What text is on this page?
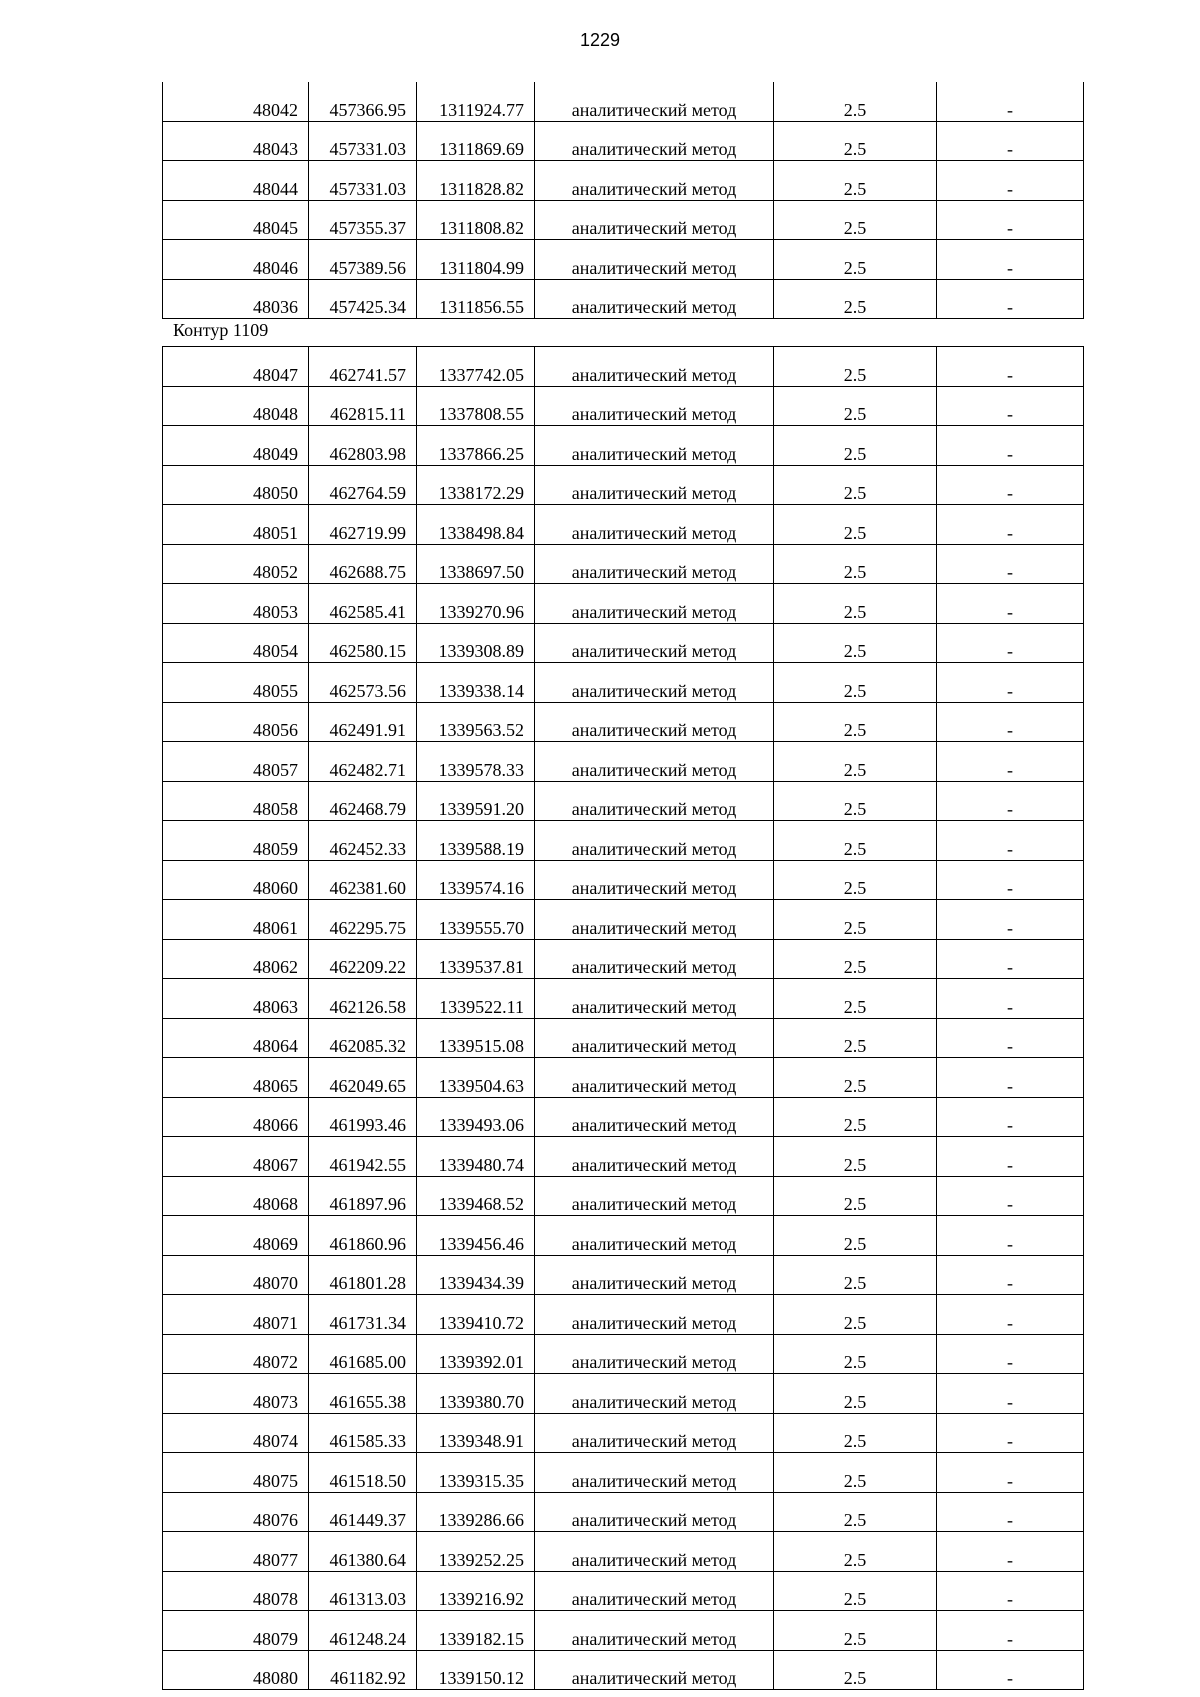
1229
48042	457366.95	1311924.77	аналитический метод	2.5	-
48043	457331.03	1311869.69	аналитический метод	2.5	-
48044	457331.03	1311828.82	аналитический метод	2.5	-
48045	457355.37	1311808.82	аналитический метод	2.5	-
48046	457389.56	1311804.99	аналитический метод	2.5	-
48036	457425.34	1311856.55	аналитический метод	2.5	-
Контур 1109
48047	462741.57	1337742.05	аналитический метод	2.5	-
48048	462815.11	1337808.55	аналитический метод	2.5	-
48049	462803.98	1337866.25	аналитический метод	2.5	-
48050	462764.59	1338172.29	аналитический метод	2.5	-
48051	462719.99	1338498.84	аналитический метод	2.5	-
48052	462688.75	1338697.50	аналитический метод	2.5	-
48053	462585.41	1339270.96	аналитический метод	2.5	-
48054	462580.15	1339308.89	аналитический метод	2.5	-
48055	462573.56	1339338.14	аналитический метод	2.5	-
48056	462491.91	1339563.52	аналитический метод	2.5	-
48057	462482.71	1339578.33	аналитический метод	2.5	-
48058	462468.79	1339591.20	аналитический метод	2.5	-
48059	462452.33	1339588.19	аналитический метод	2.5	-
48060	462381.60	1339574.16	аналитический метод	2.5	-
48061	462295.75	1339555.70	аналитический метод	2.5	-
48062	462209.22	1339537.81	аналитический метод	2.5	-
48063	462126.58	1339522.11	аналитический метод	2.5	-
48064	462085.32	1339515.08	аналитический метод	2.5	-
48065	462049.65	1339504.63	аналитический метод	2.5	-
48066	461993.46	1339493.06	аналитический метод	2.5	-
48067	461942.55	1339480.74	аналитический метод	2.5	-
48068	461897.96	1339468.52	аналитический метод	2.5	-
48069	461860.96	1339456.46	аналитический метод	2.5	-
48070	461801.28	1339434.39	аналитический метод	2.5	-
48071	461731.34	1339410.72	аналитический метод	2.5	-
48072	461685.00	1339392.01	аналитический метод	2.5	-
48073	461655.38	1339380.70	аналитический метод	2.5	-
48074	461585.33	1339348.91	аналитический метод	2.5	-
48075	461518.50	1339315.35	аналитический метод	2.5	-
48076	461449.37	1339286.66	аналитический метод	2.5	-
48077	461380.64	1339252.25	аналитический метод	2.5	-
48078	461313.03	1339216.92	аналитический метод	2.5	-
48079	461248.24	1339182.15	аналитический метод	2.5	-
48080	461182.92	1339150.12	аналитический метод	2.5	-
